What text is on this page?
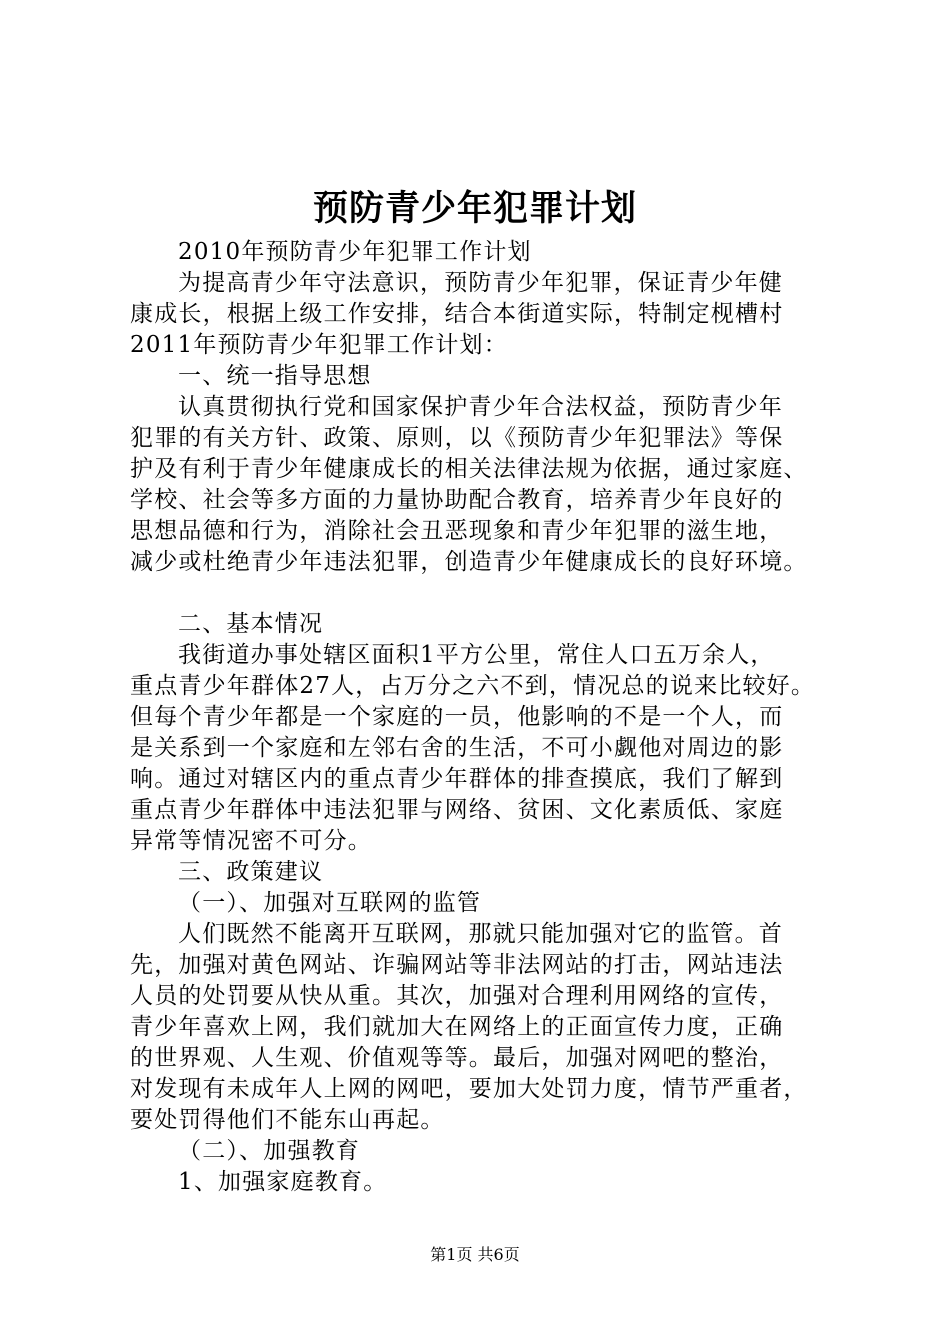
预防青少年犯罪计划
2010年预防青少年犯罪工作计划
为提高青少年守法意识，预防青少年犯罪，保证青少年健
康成长，根据上级工作安排，结合本街道实际，特制定枧槽村
2011年预防青少年犯罪工作计划：
一、统一指导思想
认真贯彻执行党和国家保护青少年合法权益，预防青少年
犯罪的有关方针、政策、原则，以《预防青少年犯罪法》等保
护及有利于青少年健康成长的相关法律法规为依据，通过家庭、
学校、社会等多方面的力量协助配合教育，培养青少年良好的
思想品德和行为，消除社会丑恶现象和青少年犯罪的滋生地，
减少或杜绝青少年违法犯罪，创造青少年健康成长的良好环境。
二、基本情况
我街道办事处辖区面积1平方公里，常住人口五万余人，
重点青少年群体27人，占万分之六不到，情况总的说来比较好。
但每个青少年都是一个家庭的一员，他影响的不是一个人，而
是关系到一个家庭和左邻右舍的生活，不可小觑他对周边的影
响。通过对辖区内的重点青少年群体的排查摸底，我们了解到
重点青少年群体中违法犯罪与网络、贫困、文化素质低、家庭
异常等情况密不可分。
三、政策建议
（一）、加强对互联网的监管
人们既然不能离开互联网，那就只能加强对它的监管。首
先，加强对黄色网站、诈骗网站等非法网站的打击，网站违法
人员的处罚要从快从重。其次，加强对合理利用网络的宣传，
青少年喜欢上网，我们就加大在网络上的正面宣传力度，正确
的世界观、人生观、价值观等等。最后，加强对网吧的整治，
对发现有未成年人上网的网吧，要加大处罚力度，情节严重者，
要处罚得他们不能东山再起。
（二）、加强教育
1、加强家庭教育。
第1页 共6页
